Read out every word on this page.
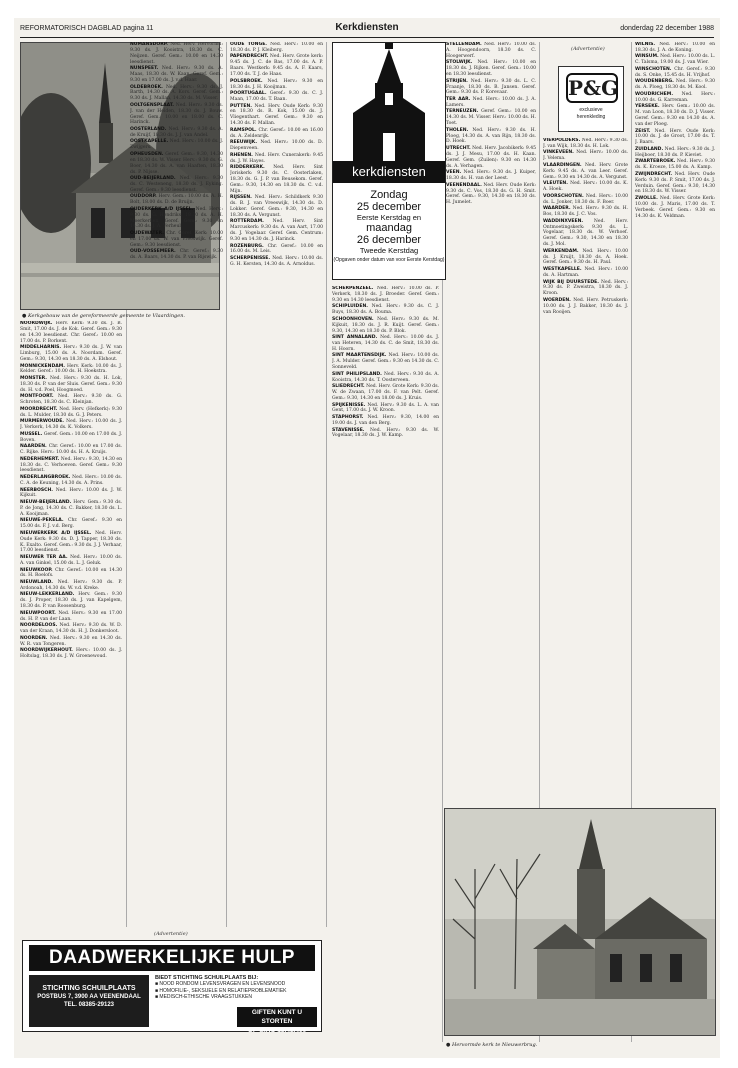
REFORMATORISCH DAGBLAD pagina 11	Kerkdiensten	donderdag 22 december 1988
● Kerkgebouw van de gereformeerde gemeente te Vlaardingen.

NOORDWIJK. Herv. Kerk: 9.30 ds. J. B. Smit, 17.00 ds. J. de Kok. Geref. Gem.: 9.30 en 14.30 leesdienst. Chr. Geref.: 10.00 en 17.00 ds. P. Borkent.

MIDDELHARNIS. Herv.: 9.30 ds. J. W. van Limburg, 15.00 ds. A. Noordam. Geref. Gem.: 9.30, 14.30 en 18.30 ds. A. Elshout.

MONNICKENDAM. Herv. Kerk: 10.00 ds. J. Kelder. Geref.: 10.00 ds. H. Hoekstra.

MONSTER. Ned. Herv.: 9.30 ds. H. Lok, 18.30 ds. P. van der Sluis. Geref. Gem.: 9.30 ds. H. v.d. Poel, Hoogmoed.

MONTFOORT. Ned. Herv.: 9.30 ds. G. Schroten, 18.30 ds. C. Kleinjan.

MOORDRECHT. Ned. Herv. (Hefkerk): 9.30 ds. L. Mulder, 18.30 ds. G. J. Peters.

MURMERWOUDE. Ned. Herv.: 10.00 ds. J. J. Verkerk, 14.30 ds. K. Volkers.

MUSSEL. Geref. Gem.: 10.00 en 17.00 ds. J. Boven.

NAARDEN. Chr. Geref.: 10.00 en 17.00 ds. C. Rijke. Herv.: 10.00 ds. H. A. Kruijs.

NEDERHEMERT. Ned. Herv.: 9.30, 14.30 en 18.30 ds. C. Verhoeven. Geref. Gem.: 9.30 leesdienst.

NEDERLANGBROEK. Ned. Herv.: 10.00 ds. C. A. de Keuning, 14.30 ds. A. Prins.

NEERBOSCH. Ned. Herv.: 10.00 ds. J. W. Kijkuit.

NIEUW-BEIJERLAND. Herv. Gem.: 9.30 ds. P. de Jong, 14.30 ds. C. Bakker, 18.30 ds. L. A. Kooijman.

NIEUWE-PEKELA. Chr. Geref.: 9.30 en 15.00 ds. F. J. v.d. Berg.

NIEUWERKERK A/D IJSSEL. Ned. Herv. Oude Kerk: 9.30 ds. D. J. Tapper, 18.30 ds. K. Exalto. Geref. Gem.: 9.30 ds. J. J. Verhaar, 17.00 leesdienst.

NIEUWER TER AA. Ned. Herv.: 10.00 ds. A. van Ginkel, 15.00 ds. L. J. Geluk.

NIEUWKOOP. Chr. Geref.: 10.00 en 14.30 ds. H. Roelofs.

NIEUWLAND. Ned. Herv.: 9.30 ds. P. Ardonoah, 14.30 ds. W. v.d. Kreke.

NIEUW-LEKKERLAND. Herv. Gem.: 9.30 ds. J. Proper, 18.30 ds. J. van Kapelgem, 18.30 ds. P. van Roosenburg.

NIEUWPOORT. Ned. Herv.: 9.30 en 17.00 ds. H. P. van der Laan.

NOORDELOOS. Ned. Herv.: 9.30 ds. W. D. van der Kraan, 14.30 ds. H. J. Donkersloot.

NOORDEN. Ned. Herv.: 9.30 en 14.30 ds. W. R. van Tongeren.

NOORDWIJKERHOUT. Herv.: 10.00 ds. J. Holtslag, 18.30 ds. J. W. Groenewoud.

NUMANSDORP. Ned. Herv. Hervormd: 9.30 ds. J. Kooistra, 18.30 ds. C. Neijzen. Geref. Gem.: 10.00 en 14.30 leesdienst.

NUNSPEET. Ned. Herv.: 9.30 ds. A. Maas, 18.30 ds. W. Kaan. Geref. Gem.: 9.30 en 17.00 ds. J. v.d. Haar.

OLDEBROEK. Ned. Herv.: 9.30 ds. J. Barth, 14.30 ds. A. Kors. Geref. Gem.: 9.30 ds. J. Mallan, 14.30 ds. M. Visser.

OOLTGENSPLAAT. Ned. Herv.: 9.30 ds. J. van der Heiden, 18.30 ds. J. Bouw. Geref. Gem.: 10.00 en 18.00 ds. C. Harinck.

OOSTERLAND. Ned. Herv.: 9.30 ds. A. de Kruijf, 18.30 ds. J. J. van Andel.

OOSTKAPELLE. Ned. Herv.: 10.00 ds. J. Zwijgers.

OPHEUSDEN. Geref. Gem.: 9.30, 14.30 en 18.30 ds. W. Visser. Herv.: 9.30 ds. G. Boer, 14.30 ds. A. van Haaften, 18.30 ds. P. Nijsse.

OUD-BEIJERLAND. Ned. Herv.: 9.30 ds. C. Westeneng, 18.30 ds. J. Eyking. Geref. Gem.: 9.30 leesdienst.

OUDDORP. Herv. Gem.: 10.00 ds. A. H. Bolt, 18.00 ds. D. de Bruijn.

OUDERKERK A/D IJSSEL. Ned. Herv.: 9.30 ds. G. Hendriks, 18.30 ds. A. H. Moerkerken. Geref. Gem.: 9.30 en 14.30 ds. J. A. Verheul.

OUDEWATER. Chr. Geref. Kerk: 10.00 en 17.00 ds. W. van Vreeswijk. Geref. Gem.: 9.30 leesdienst.

OUD-VOSSEMEER. Chr. Geref.: 9.30 ds. A. Baars, 14.30 ds. P. van Rijswijk.

OUDE TONGE. Ned. Herv.: 10.00 en 18.30 ds. P. J. Kleiberg.

PAPENDRECHT. Ned. Herv. Grote kerk: 9.45 ds. J. C. de Bas, 17.00 ds. A. P. Baars. Westkerk: 9.45 ds. A. F. Kaars, 17.00 ds. T. J. de Haas.

POLSBROEK. Ned. Herv.: 9.30 en 18.30 ds. J. H. Kooijman.

POORTUGAAL. Geref.: 9.30 ds. C. J. Maan, 17.00 ds. T. Baan.

PUTTEN. Ned. Herv. Oude Kerk: 9.30 en 18.30 ds. R. Kok, 15.00 ds. J. Vliegenthart. Geref. Gem.: 9.30 en 14.30 ds. F. Mallan.

RAMSPOL. Chr. Geref.: 10.00 en 16.00 ds. A. Zeldenrijk.

REEUWIJK. Ned. Herv.: 10.00 ds. D. Diepenveen.

RHENEN. Ned. Herv. Cunerakerk: 9.45 ds. J. W. Hayes.

RIDDERKERK. Ned. Herv. Sint Joriskerk: 9.30 ds. C. Oosterlaken, 18.30 ds. G. J. P. van Beusekom. Geref. Gem.: 9.30, 14.30 en 18.30 ds. C. v.d. Mijn.

RIJSSEN. Ned. Herv.: Schildkerk 9.30 ds. B. J. van Vreeswijk, 14.30 ds. D. Lokker. Geref. Gem.: 9.30, 14.30 en 18.30 ds. A. Vergunst.

ROTTERDAM. Ned. Herv. Sint Marcuskerk: 9.30 ds. A. van Aart, 17.00 ds. J. Vogelaar. Geref. Gem. Centrum: 9.30 en 14.30 ds. J. Harinck.

ROZENBURG. Chr. Geref.: 10.00 en 16.00 ds. M. Leis.

SCHERPENISSE. Ned. Herv.: 10.00 ds. G. H. Kersten, 14.30 ds. A. Arnoldus.

kerkdiensten
Zondag
25 december
Eerste Kerstdag en
maandag
26 december
Tweede Kerstdag
(Opgaven onder datum van voor Eerste Kerstdag)

SCHERPENZEEL. Ned. Herv.: 10.00 ds. P. Verkerk, 18.30 ds. J. Broeder. Geref. Gem.: 9.30 en 14.30 leesdienst.

SCHIPLUIDEN. Ned. Herv.: 9.30 ds. C. J. Buys, 18.30 ds. A. Bouma.

SCHOONHOVEN. Ned. Herv.: 9.30 ds. M. Kijkuit, 18.30 ds. J. R. Kuijt. Geref. Gem.: 9.30, 14.30 en 18.30 ds. P. Blok.

SINT ANNALAND. Ned. Herv.: 10.00 ds. J. van Heteren, 14.30 ds. C. de Smit, 18.30 ds. H. Hoorn.

SINT MAARTENSDIJK. Ned. Herv.: 10.00 ds. J. A. Mulder. Geref. Gem.: 9.30 en 14.30 ds. C. Sonneveld.

SINT PHILIPSLAND. Ned. Herv.: 9.30 ds. A. Kooistra, 14.30 ds. T. Oosterveen.

SLIEDRECHT. Ned. Herv. Grote Kerk: 9.30 ds. W. de Zwaan, 17.00 ds. F. van Pelt. Geref. Gem.: 9.30, 14.30 en 18.00 ds. J. Kruis.

SPIJKENISSE. Ned. Herv.: 9.30 ds. L. A. van Gent, 17.00 ds. J. W. Kroon.

STAPHORST. Ned. Herv.: 9.30, 14.00 en 19.00 ds. J. van den Berg.

STAVENISSE. Ned. Herv.: 9.30 ds. W. Vogelaar, 18.30 ds. J. W. Kamp.

STELLENDAM. Ned. Herv.: 10.00 ds. A. Hoogendoorn, 18.30 ds. C. Hoogerwerf.

STOLWIJK. Ned. Herv.: 10.00 en 18.30 ds. J. Rijken. Geref. Gem.: 10.00 en 18.30 leesdienst.

STRIJEN. Ned. Herv.: 9.30 ds. L. C. Fraanje, 18.30 ds. B. Jansen. Geref. Gem.: 9.30 ds. P. Korevaar.

TER AAR. Ned. Herv.: 10.00 ds. J. A. Lamers.

TERNEUZEN. Geref. Gem.: 10.00 en 14.30 ds. M. Visser. Herv.: 10.00 ds. H. Toet.

THOLEN. Ned. Herv.: 9.30 ds. H. Ploeg, 14.30 ds. A. van Rijn, 18.30 ds. D. Hoek.

UTRECHT. Ned. Herv. Jacobikerk: 9.45 ds. J. J. Mesu, 17.00 ds. H. Kaan. Geref. Gem. (Zuilen): 9.30 en 14.30 ds. A. Verhagen.

VEEN. Ned. Herv.: 9.30 ds. J. Kuiper, 18.30 ds. H. van der Leest.

VEENENDAAL. Ned. Herv. Oude Kerk: 9.30 ds. C. Vos, 18.30 ds. G. H. Smit. Geref. Gem.: 9.30, 14.30 en 18.30 ds. H. Jumelet.

(Advertentie)
P&G
exclusieve
herenkleding

VIERPOLDERS. Ned. Herv.: 9.30 ds. J. van Wijk, 18.30 ds. H. Lok.

VINKEVEEN. Ned. Herv.: 10.00 ds. J. Velema.

VLAARDINGEN. Ned. Herv. Grote Kerk: 9.45 ds. A. van Leer. Geref. Gem.: 9.30 en 14.30 ds. A. Vergunst.

VLEUTEN. Ned. Herv.: 10.00 ds. K. A. Hoek.

VOORSCHOTEN. Ned. Herv.: 10.00 ds. L. Jonker, 18.30 ds. F. Boer.

WAARDER. Ned. Herv.: 9.30 ds. H. Bos, 18.30 ds. J. C. Vos.

WADDINXVEEN. Ned. Herv. Ontmoetingskerk: 9.30 ds. L. Vogelaar, 18.30 ds. W. Verhoef. Geref. Gem.: 9.30, 14.30 en 18.30 ds. J. Mol.

WERKENDAM. Ned. Herv.: 10.00 ds. J. Kruijt, 18.30 ds. A. Hoek. Geref. Gem.: 9.30 ds. H. Paul.

WESTKAPELLE. Ned. Herv.: 10.00 ds. A. Hartman.

WIJK BIJ DUURSTEDE. Ned. Herv.: 9.30 ds. P. Zweistra, 18.30 ds. J. Kroon.

WOERDEN. Ned. Herv. Petruskerk: 10.00 ds. J. J. Bakker, 18.30 ds. J. van Rooijen.

WILNIS. Ned. Herv.: 10.00 en 18.30 ds. J. A. de Koning.

WINSUM. Ned. Herv.: 10.00 ds. L. C. Talsma, 19.00 ds. J. van Wier.

WINSCHOTEN. Chr. Geref.: 9.30 ds. S. Onke, 15.45 ds. H. Vrijhof.

WOUDENBERG. Ned. Herv.: 9.30 ds. A. Ploeg, 18.30 ds. M. Kool.

WOUDRICHEM. Ned. Herv.: 10.00 ds. G. Karreman.

YERSEKE. Herv. Gem.: 10.00 ds. M. van Loon, 18.30 ds. D. J. Visser. Geref. Gem.: 9.30 en 14.30 ds. A. van der Ploeg.

ZEIST. Ned. Herv. Oude Kerk: 10.00 ds. J. de Groot, 17.00 ds. T. J. Baars.

ZUIDLAND. Ned. Herv.: 9.30 ds. J. Heijboer, 18.30 ds. P. Kieviet.

ZWARTEBROEK. Ned. Herv.: 9.30 ds. K. Kroeze, 15.00 ds. A. Kamp.

ZWIJNDRECHT. Ned. Herv. Oude Kerk: 9.30 ds. P. Smit, 17.00 ds. J. Verduin. Geref. Gem.: 9.30, 14.30 en 18.30 ds. W. Visser.

ZWOLLE. Ned. Herv. Grote Kerk: 10.00 ds. J. Maris, 17.00 ds. T. Verbeek. Geref. Gem.: 9.30 en 14.30 ds. K. Veldman.

● Hervormde kerk te Nieuwerbrug.
(Advertentie)
DAADWERKELIJKE HULP
STICHTING SCHUILPLAATS
POSTBUS 7, 3900 AA VEENENDAAL
TEL. 08385-29123
BIEDT STICHTING SCHUILPLAATS BIJ:
■ NOOD RONDOM LEVENSVRAGEN EN LEVENSNOOD
■ HOMOFILIE-, SEKSUELE EN RELATIEPROBLEMATIEK
■ MEDISCH-ETHISCHE VRAAGSTUKKEN
GIFTEN KUNT U STORTEN
OP GIRO 13.41.400
